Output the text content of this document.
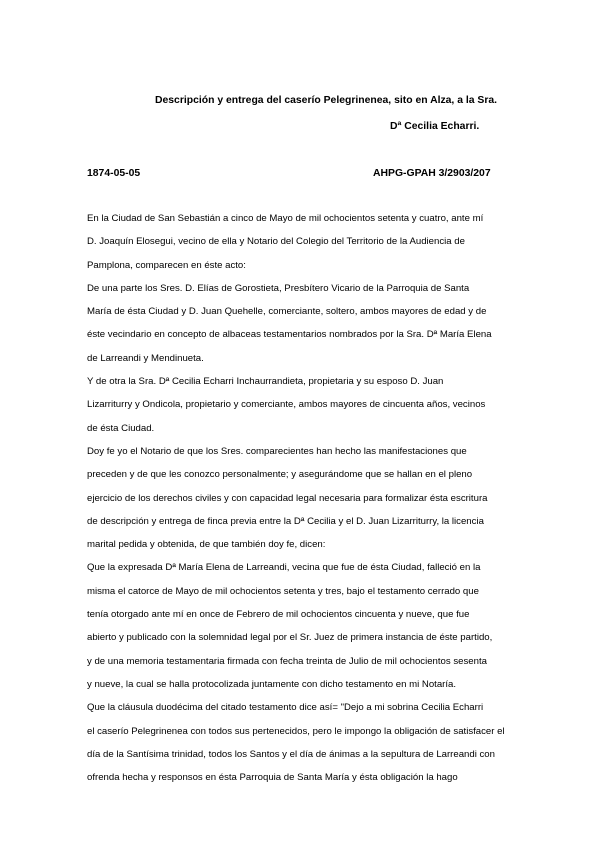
Descripción y entrega del caserío Pelegrinenea, sito en Alza, a la Sra.
Dª Cecilia Echarri.
1874-05-05	AHPG-GPAH 3/2903/207
En la Ciudad de San Sebastián a cinco de Mayo de mil ochocientos setenta y cuatro, ante mí
D. Joaquín Elosegui, vecino de ella y Notario del Colegio del Territorio de la Audiencia de
Pamplona, comparecen en éste acto:
De una parte los Sres. D. Elías de Gorostieta, Presbítero Vicario de la Parroquia de Santa
María de ésta Ciudad y D. Juan Quehelle, comerciante, soltero, ambos mayores de edad y de
éste vecindario en concepto de albaceas testamentarios nombrados por la Sra. Dª María Elena
de Larreandi y Mendinueta.
Y de otra la Sra. Dª Cecilia Echarri Inchaurrandieta, propietaria y su esposo D. Juan
Lizarriturry y Ondicola, propietario y comerciante, ambos mayores de cincuenta años, vecinos
de ésta Ciudad.
Doy fe yo el Notario de que los Sres. comparecientes han hecho las manifestaciones que
preceden y de que les conozco personalmente; y asegurándome que se hallan en el pleno
ejercicio de los derechos civiles y con capacidad legal necesaria para formalizar ésta escritura
de descripción y entrega de finca previa entre la Dª Cecilia y el D. Juan Lizarriturry, la licencia
marital pedida y obtenida, de que también doy fe, dicen:
Que la expresada Dª María Elena de Larreandi, vecina que fue de ésta Ciudad, falleció en la
misma el catorce de Mayo de mil ochocientos setenta y tres, bajo el testamento cerrado que
tenía otorgado ante mí en once de Febrero de mil ochocientos cincuenta y nueve, que fue
abierto y publicado con la solemnidad legal por el Sr. Juez de primera instancia de éste partido,
y de una memoria testamentaria firmada con fecha treinta de Julio de mil ochocientos sesenta
y nueve, la cual se halla protocolizada juntamente con dicho testamento en mi Notaría.
Que la cláusula duodécima del citado testamento dice así= "Dejo a mi sobrina Cecilia Echarri
el caserío Pelegrinenea con todos sus pertenecidos, pero le impongo la obligación de satisfacer el
día de la Santísima trinidad, todos los Santos y el día de ánimas a la sepultura de Larreandi con
ofrenda hecha y responsos en ésta Parroquia de Santa María y ésta obligación la hago
